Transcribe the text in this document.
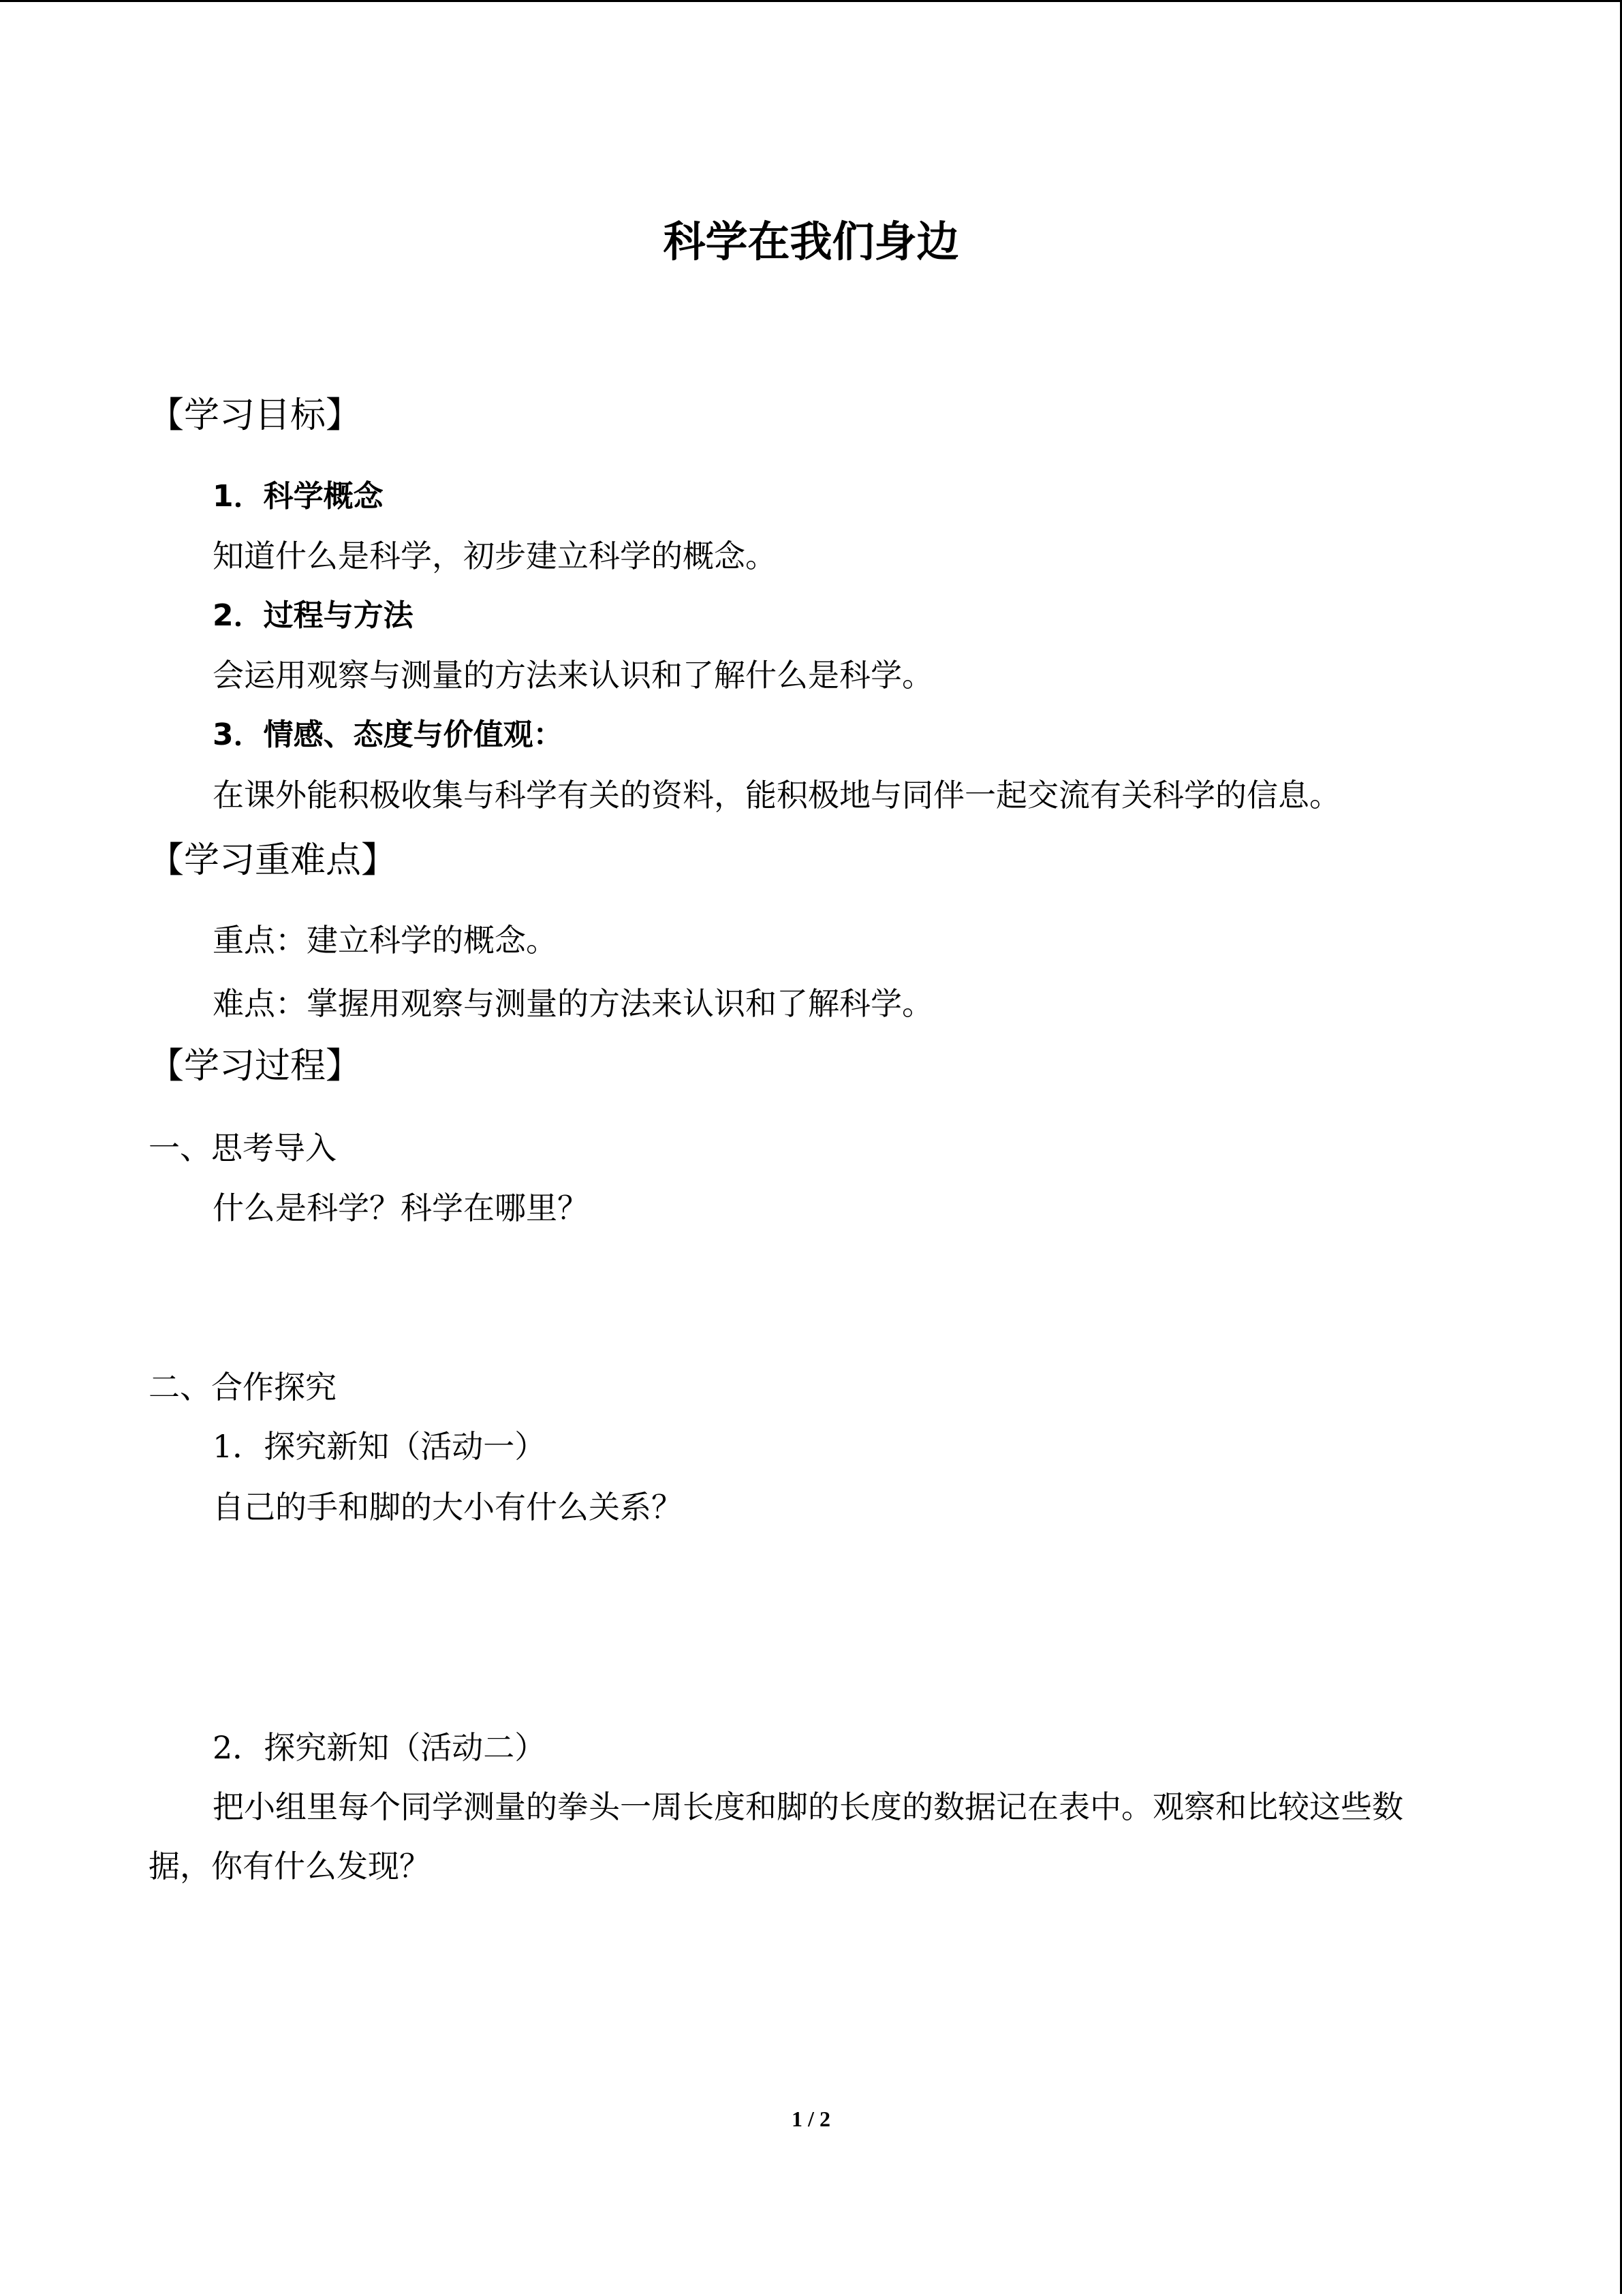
科学在我们身边
【学习目标】
1．科学概念
知道什么是科学，初步建立科学的概念。
2．过程与方法
会运用观察与测量的方法来认识和了解什么是科学。
3．情感、态度与价值观：
在课外能积极收集与科学有关的资料，能积极地与同伴一起交流有关科学的信息。
【学习重难点】
重点：建立科学的概念。
难点：掌握用观察与测量的方法来认识和了解科学。
【学习过程】
一、思考导入
什么是科学？科学在哪里？
二、合作探究
1．探究新知（活动一）
自己的手和脚的大小有什么关系？
2．探究新知（活动二）
把小组里每个同学测量的拳头一周长度和脚的长度的数据记在表中。观察和比较这些数
据，你有什么发现？
1 / 2
